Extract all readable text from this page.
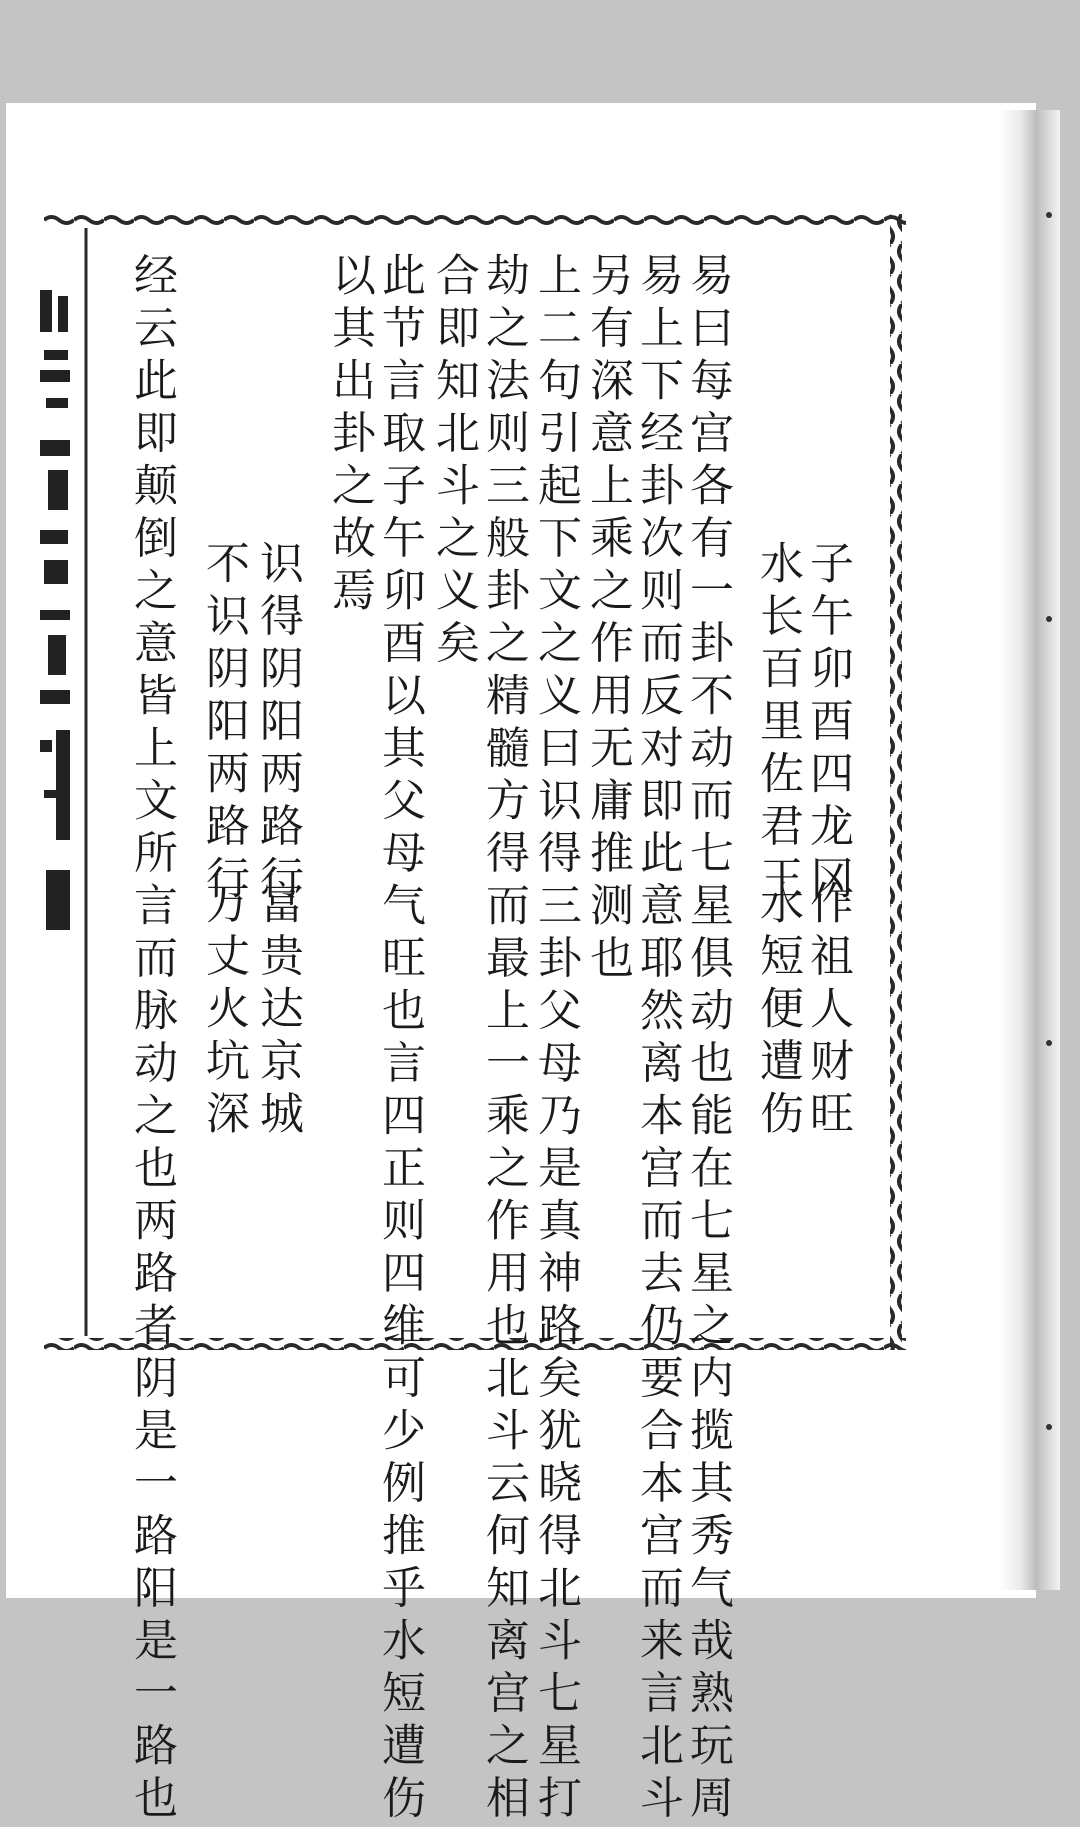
子午卯酉四龙冈
作祖人财旺
水长百里佐君王
水短便遭伤
易曰每宫各有一卦不动而七星俱动也能在七星之内揽其秀气哉熟玩周
易上下经卦次则而反对即此意耶然离本宫而去仍要合本宫而来言北斗
另有深意上乘之作用无庸推测也
上二句引起下文之义曰识得三卦父母乃是真神路矣犹晓得北斗七星打
劫之法则三般卦之精髓方得而最上一乘之作用也北斗云何知离宫之相
合即知北斗之义矣
此节言取子午卯酉以其父母气旺也言四正则四维可少例推乎水短遭伤
以其出卦之故焉
识得阴阳两路行
富贵达京城
不识阴阳两路行
万丈火坑深
经云此即颠倒之意皆上文所言而脉动之也两路者阴是一路阳是一路也
